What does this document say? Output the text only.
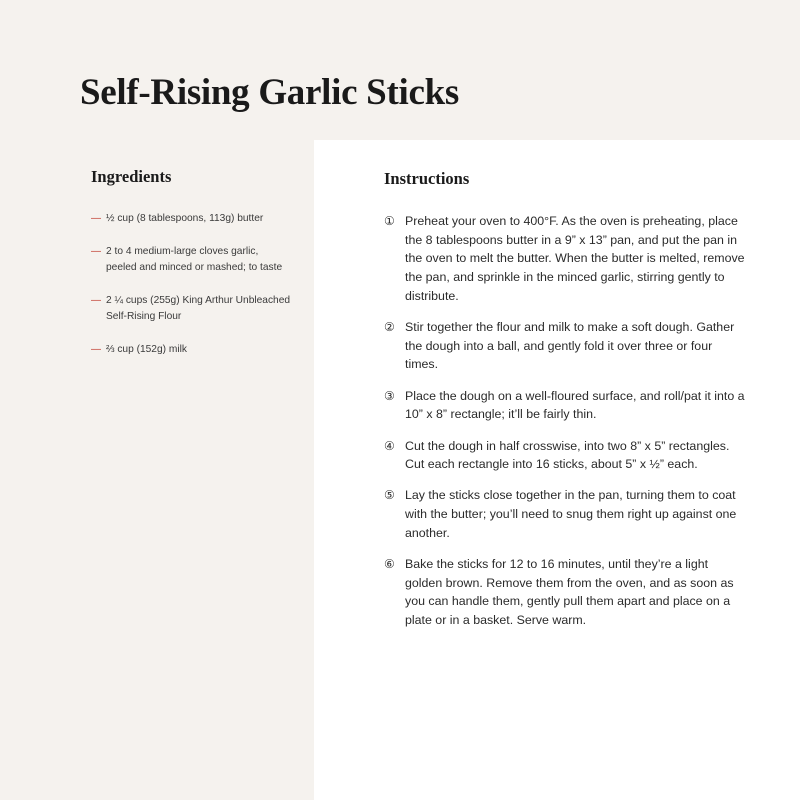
Self-Rising Garlic Sticks
Ingredients
— ½ cup (8 tablespoons, 113g) butter
— 2 to 4 medium-large cloves garlic, peeled and minced or mashed; to taste
— 2 ¼ cups (255g) King Arthur Unbleached Self-Rising Flour
— ⅔ cup (152g) milk
Instructions
① Preheat your oven to 400°F. As the oven is preheating, place the 8 tablespoons butter in a 9” x 13” pan, and put the pan in the oven to melt the butter. When the butter is melted, remove the pan, and sprinkle in the minced garlic, stirring gently to distribute.
② Stir together the flour and milk to make a soft dough. Gather the dough into a ball, and gently fold it over three or four times.
③ Place the dough on a well-floured surface, and roll/pat it into a 10” x 8” rectangle; it’ll be fairly thin.
④ Cut the dough in half crosswise, into two 8” x 5” rectangles. Cut each rectangle into 16 sticks, about 5” x ½” each.
⑤ Lay the sticks close together in the pan, turning them to coat with the butter; you’ll need to snug them right up against one another.
⑥ Bake the sticks for 12 to 16 minutes, until they’re a light golden brown. Remove them from the oven, and as soon as you can handle them, gently pull them apart and place on a plate or in a basket. Serve warm.
